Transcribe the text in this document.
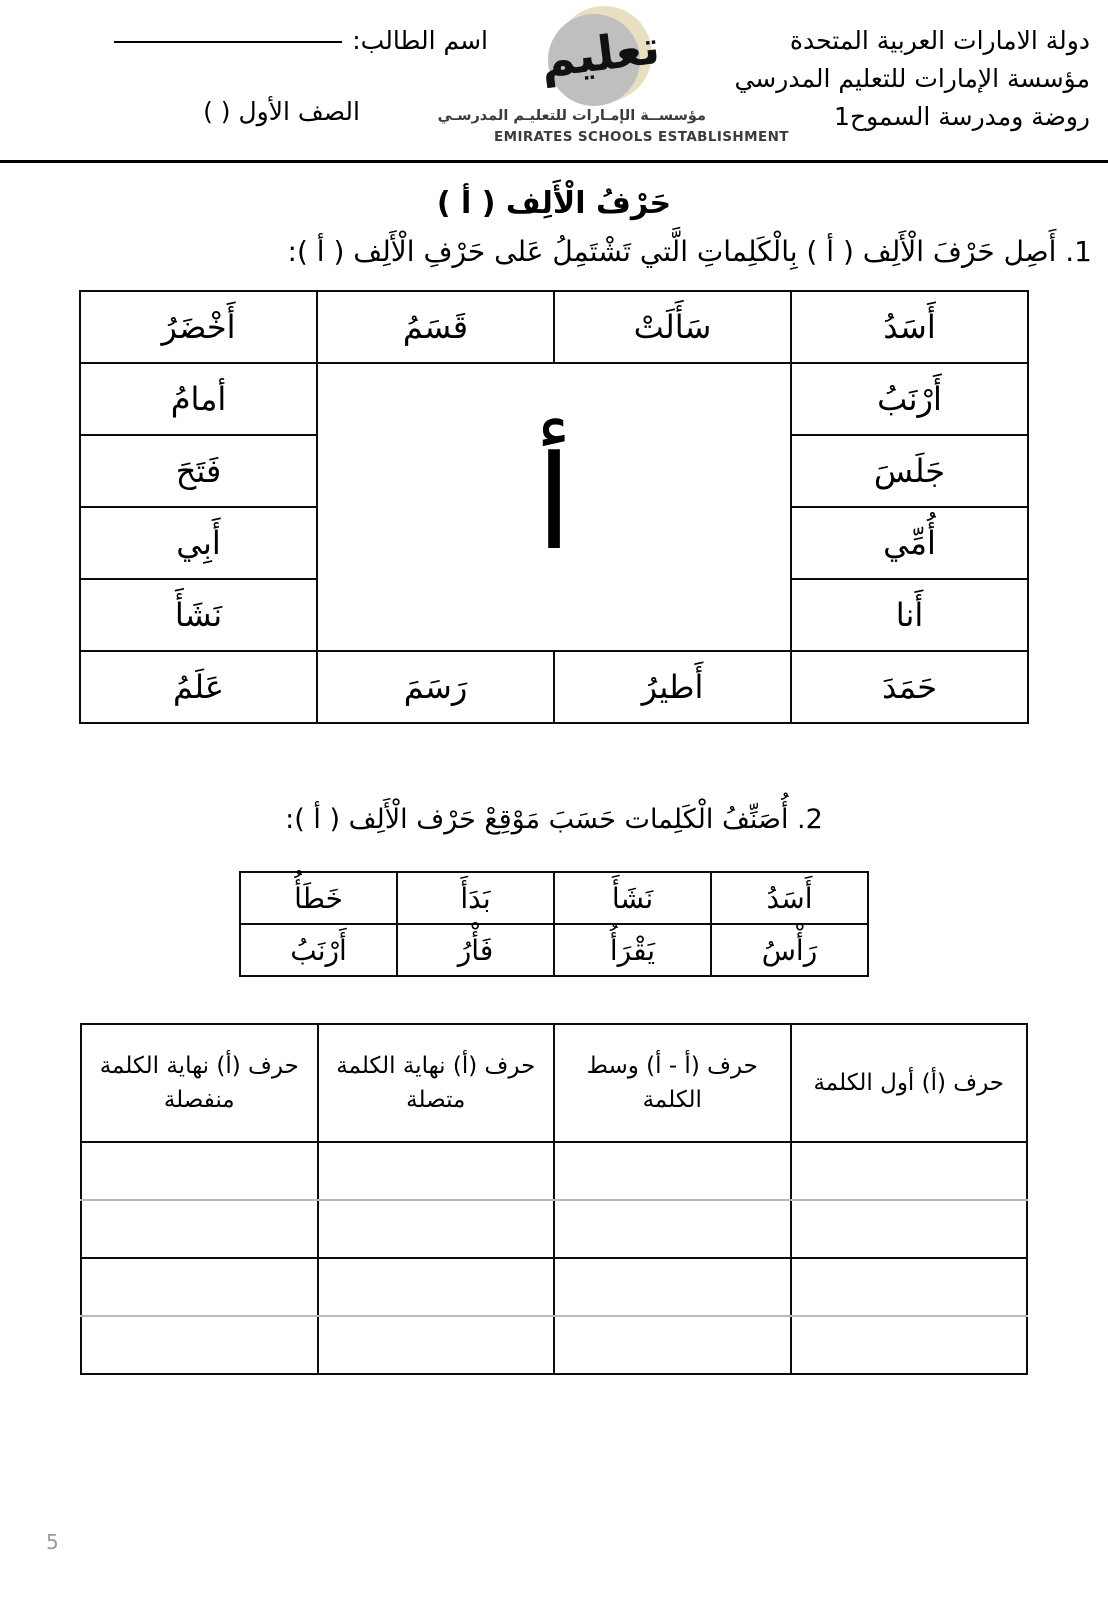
دولة الامارات العربية المتحدة
مؤسسة الإمارات للتعليم المدرسي
روضة ومدرسة السموح1
تعليم
مؤسســة الإمـارات للتعليـم المدرسـي
EMIRATES SCHOOLS ESTABLISHMENT
اسم الطالب:
الصف الأول ( )
حَرْفُ الْأَلِف ( أ )
1. أَصِل حَرْفَ الْأَلِف ( أ ) بِالْكَلِماتِ الَّتي تَشْتَمِلُ عَلى حَرْفِ الْأَلِف ( أ ):
أَسَدُ	سَأَلَتْ	قَسَمُ	أَخْضَرُ
أَرْنَبُ	أ		أمامُ
جَلَسَ			فَتَحَ
أُمِّي			أَبِي
أَنا			نَشَأَ
حَمَدَ	أَطيرُ	رَسَمَ	عَلَمُ
2. أُصَنِّفُ الْكَلِمات حَسَبَ مَوْقِعْ حَرْف الْأَلِف ( أ ):
أَسَدُ	نَشَأَ	بَدَأَ	خَطَأُ
رَأْسُ	يَقْرَأُ	فَأْرُ	أَرْنَبُ
حرف (أ) أول الكلمة	حرف (أ - أ) وسط الكلمة	حرف (أ) نهاية الكلمة متصلة	حرف (أ) نهاية الكلمة منفصلة

5
